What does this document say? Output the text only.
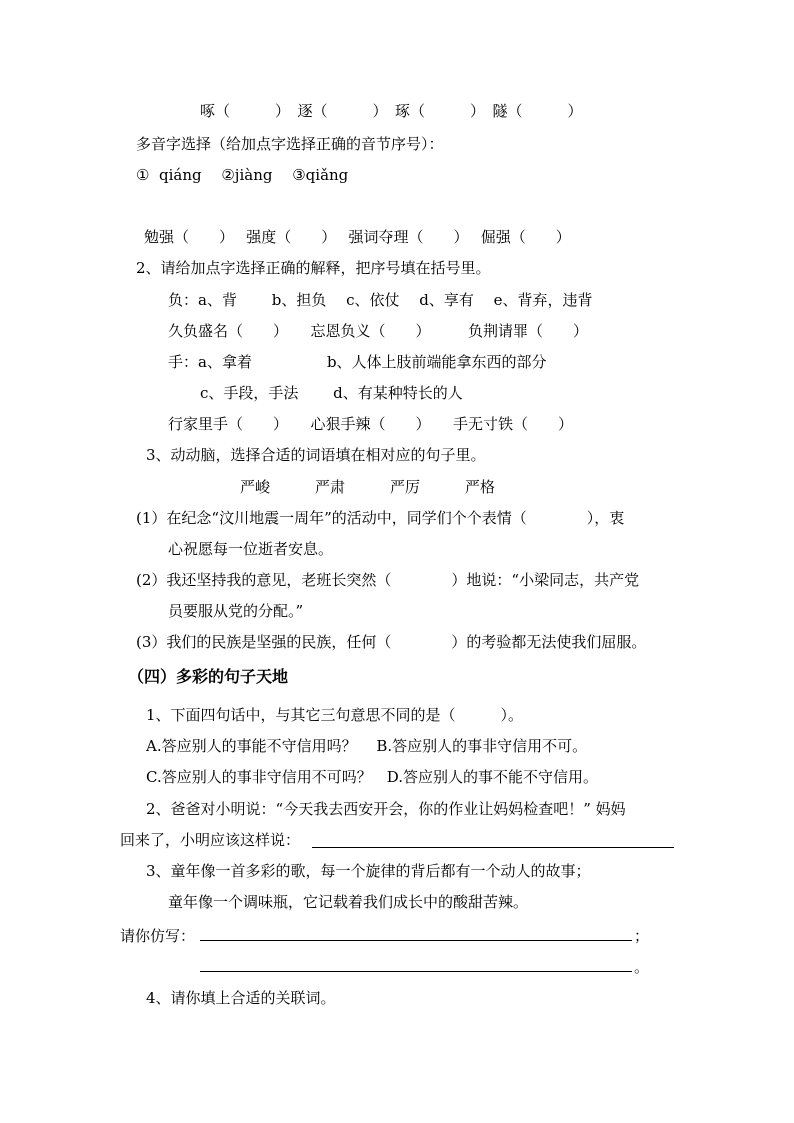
啄（　　　）　逐（　　　）　琢（　　　）　隧（　　　）
多音字选择（给加点字选择正确的音节序号）：
①  qiáng　 ②jiàng　 ③qiǎng
勉强（　　）　 强度（　　）　 强词夺理（　　）　 倔强（　　）
2、请给加点字选择正确的解释，把序号填在括号里。
负：a、背　　 b、担负　 c、依仗　 d、享有　 e、背弃，违背
久负盛名（　　）　　忘恩负义（　　）　　　负荆请罪（　　）
手：a、拿着　　　　　b、人体上肢前端能拿东西的部分
c、手段，手法　　 d、有某种特长的人
行家里手（　　）　　心狠手辣（　　）　　手无寸铁（　　）
3、动动脑，选择合适的词语填在相对应的句子里。
严峻　　　严肃　　　严厉　　　严格
(1）在纪念“汶川地震一周年”的活动中，同学们个个表情（　　　　），衷
心祝愿每一位逝者安息。
(2）我还坚持我的意见，老班长突然（　　　　）地说：“小梁同志，共产党
员要服从党的分配。”
(3）我们的民族是坚强的民族，任何（　　　　）的考验都无法使我们屈服。
（四）多彩的句子天地
1、下面四句话中，与其它三句意思不同的是（　　　）。
A.答应别人的事能不守信用吗？　 B.答应别人的事非守信用不可。
C.答应别人的事非守信用不可吗？　D.答应别人的事不能不守信用。
2、爸爸对小明说：“今天我去西安开会，你的作业让妈妈检查吧！” 妈妈
回来了，小明应该这样说：
3、童年像一首多彩的歌，每一个旋律的背后都有一个动人的故事；
童年像一个调味瓶，它记载着我们成长中的酸甜苦辣。
请你仿写：	；
。
4、请你填上合适的关联词。
